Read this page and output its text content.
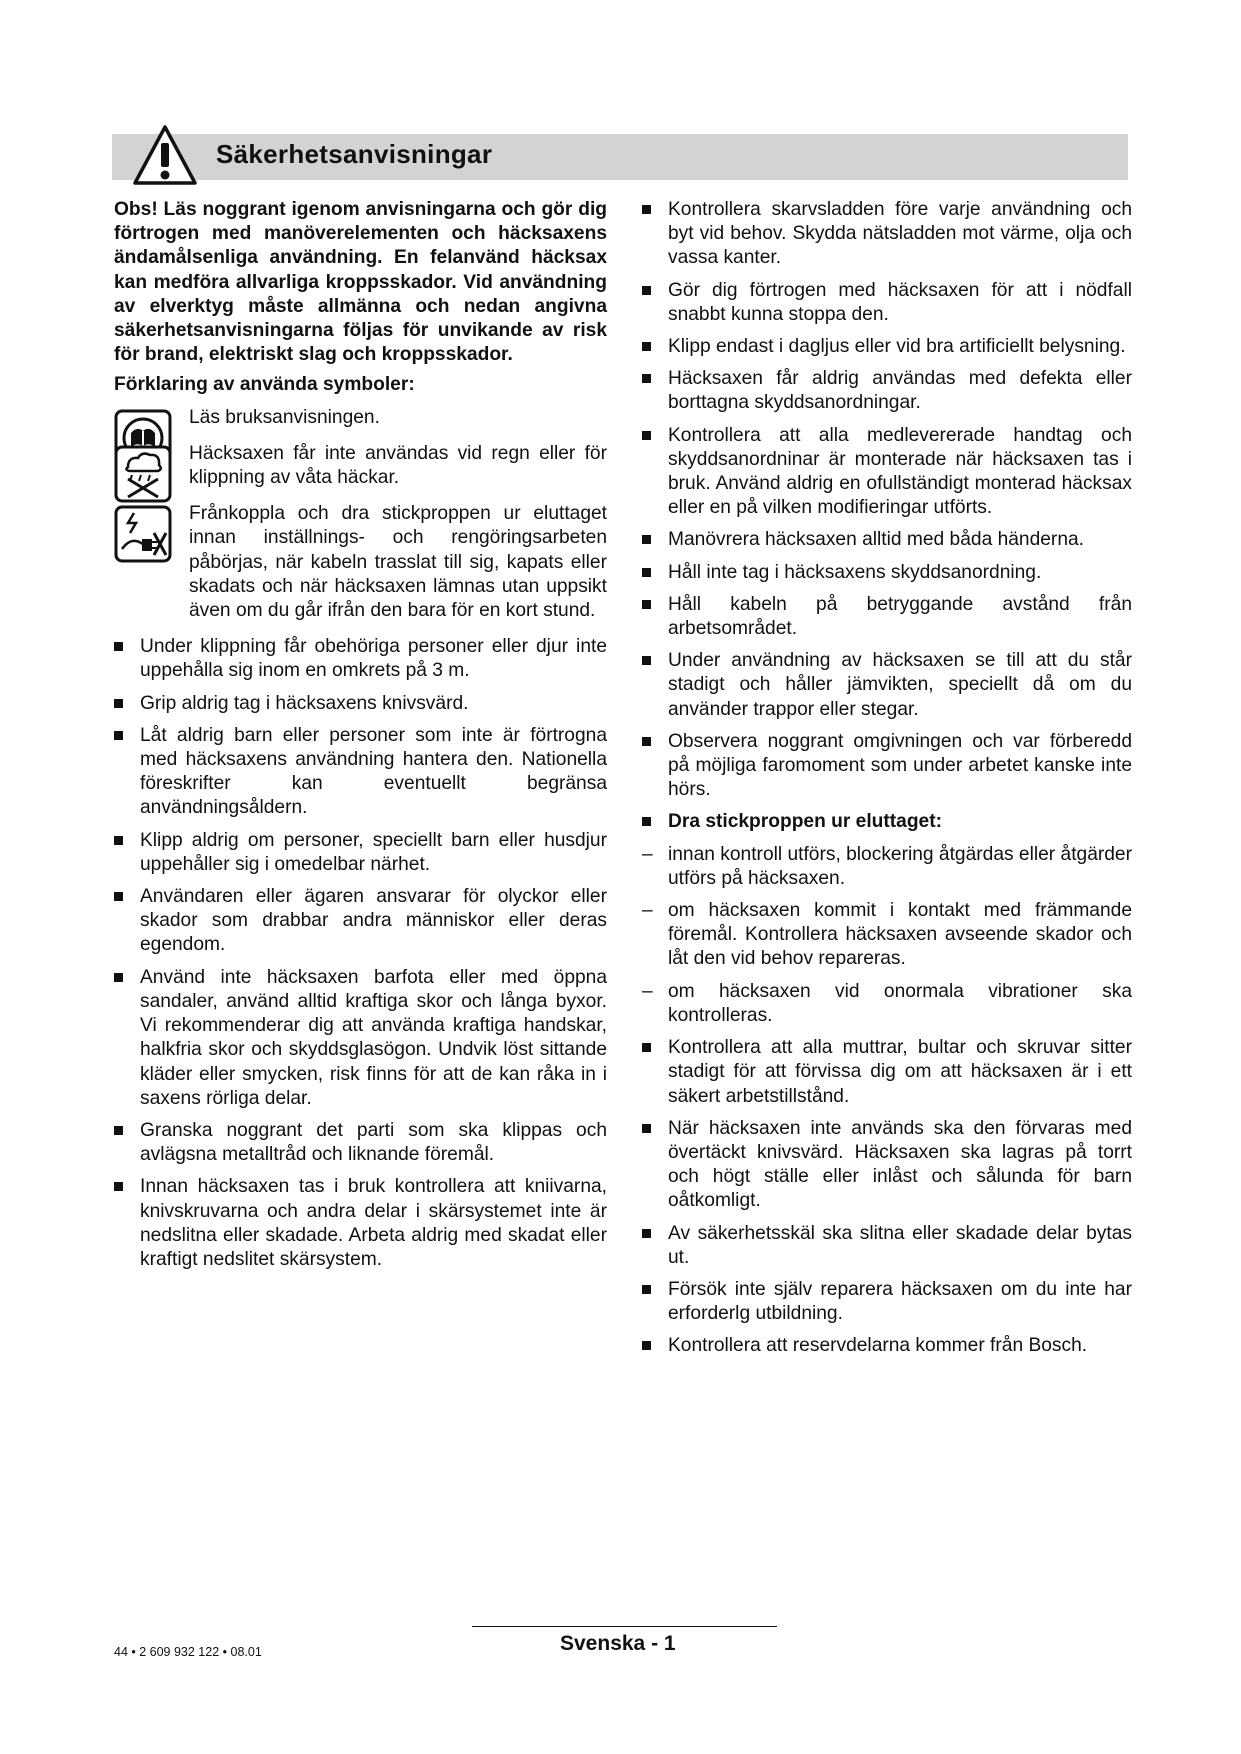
Säkerhetsanvisningar

Obs! Läs noggrant igenom anvisningarna och gör dig förtrogen med manöverelementen och häcksaxens ändamålsenliga användning. En felanvänd häcksax kan medföra allvarliga kroppsskador. Vid användning av elverktyg måste allmänna och nedan angivna säkerhetsanvisningarna följas för unvikande av risk för brand, elektriskt slag och kroppsskador.

Förklaring av använda symboler:

Läs bruksanvisningen.
Häcksaxen får inte användas vid regn eller för klippning av våta häckar.
Frånkoppla och dra stickproppen ur eluttaget innan inställnings- och rengöringsarbeten påbörjas, när kabeln trasslat till sig, kapats eller skadats och när häcksaxen lämnas utan uppsikt även om du går ifrån den bara för en kort stund.
Under klippning får obehöriga personer eller djur inte uppehålla sig inom en omkrets på 3 m.
Grip aldrig tag i häcksaxens knivsvärd.
Låt aldrig barn eller personer som inte är förtrogna med häcksaxens användning hantera den. Nationella föreskrifter kan eventuellt begränsa användningsåldern.
Klipp aldrig om personer, speciellt barn eller husdjur uppehåller sig i omedelbar närhet.
Användaren eller ägaren ansvarar för olyckor eller skador som drabbar andra människor eller deras egendom.
Använd inte häcksaxen barfota eller med öppna sandaler, använd alltid kraftiga skor och långa byxor. Vi rekommenderar dig att använda kraftiga handskar, halkfria skor och skyddsglasögon. Undvik löst sittande kläder eller smycken, risk finns för att de kan råka in i saxens rörliga delar.
Granska noggrant det parti som ska klippas och avlägsna metalltråd och liknande föremål.
Innan häcksaxen tas i bruk kontrollera att kniivarna, knivskruvarna och andra delar i skärsystemet inte är nedslitna eller skadade. Arbeta aldrig med skadat eller kraftigt nedslitet skärsystem.
Kontrollera skarvsladden före varje användning och byt vid behov. Skydda nätsladden mot värme, olja och vassa kanter.
Gör dig förtrogen med häcksaxen för att i nödfall snabbt kunna stoppa den.
Klipp endast i dagljus eller vid bra artificiellt belysning.
Häcksaxen får aldrig användas med defekta eller borttagna skyddsanordningar.
Kontrollera att alla medlevererade handtag och skyddsanordninar är monterade när häcksaxen tas i bruk. Använd aldrig en ofullständigt monterad häcksax eller en på vilken modifieringar utförts.
Manövrera häcksaxen alltid med båda händerna.
Håll inte tag i häcksaxens skyddsanordning.
Håll kabeln på betryggande avstånd från arbetsområdet.
Under användning av häcksaxen se till att du står stadigt och håller jämvikten, speciellt då om du använder trappor eller stegar.
Observera noggrant omgivningen och var förberedd på möjliga faromoment som under arbetet kanske inte hörs.
Dra stickproppen ur eluttaget:
– innan kontroll utförs, blockering åtgärdas eller åtgärder utförs på häcksaxen.
– om häcksaxen kommit i kontakt med främmande föremål. Kontrollera häcksaxen avseende skador och låt den vid behov repareras.
– om häcksaxen vid onormala vibrationer ska kontrolleras.
Kontrollera att alla muttrar, bultar och skruvar sitter stadigt för att förvissa dig om att häcksaxen är i ett säkert arbetstillstånd.
När häcksaxen inte används ska den förvaras med övertäckt knivsvärd. Häcksaxen ska lagras på torrt och högt ställe eller inlåst och sålunda för barn oåtkomligt.
Av säkerhetsskäl ska slitna eller skadade delar bytas ut.
Försök inte själv reparera häcksaxen om du inte har erforderlg utbildning.
Kontrollera att reservdelarna kommer från Bosch.
44 • 2 609 932 122 • 08.01	Svenska - 1
